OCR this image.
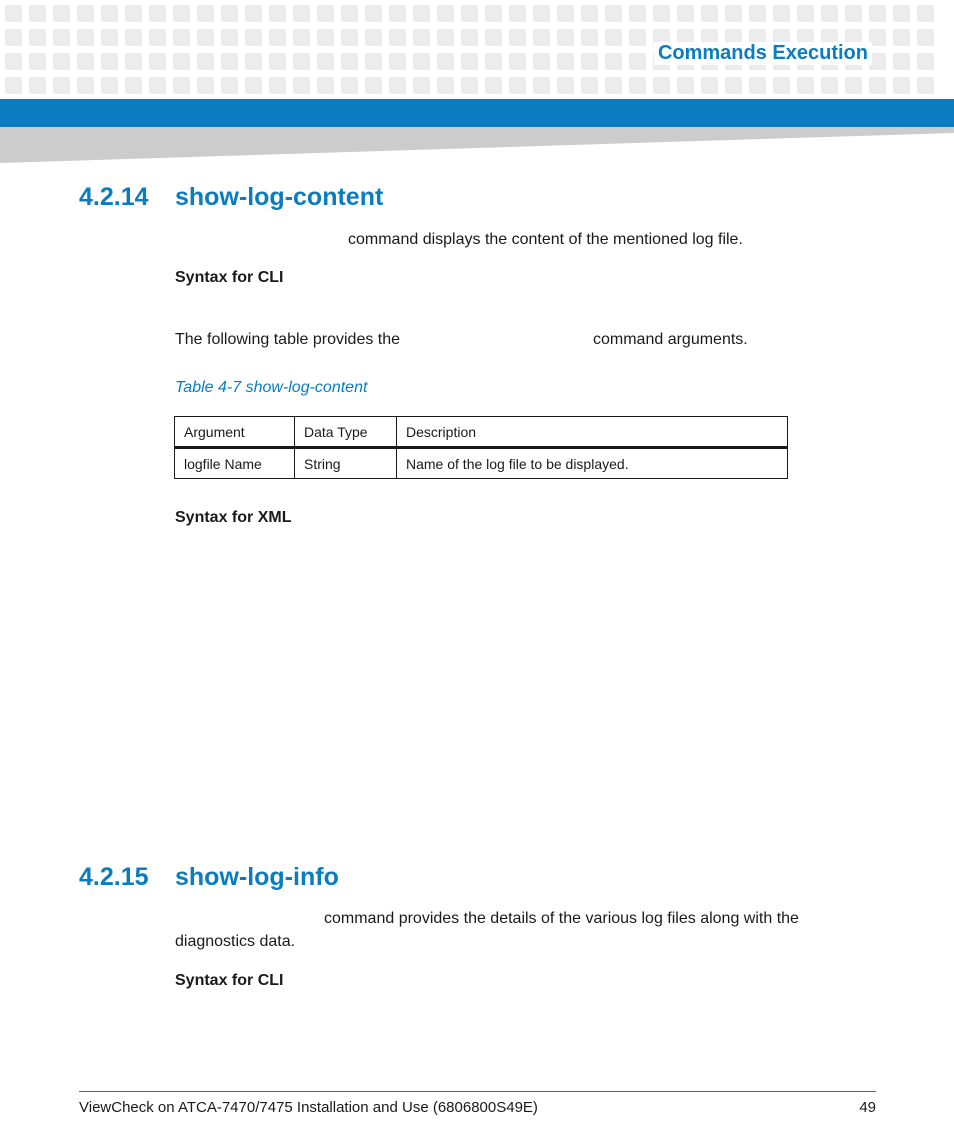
Commands Execution
4.2.14 show-log-content

command displays the content of the mentioned log file.

Syntax for CLI

The following table provides the	command arguments.

Table 4-7 show-log-content

Argument	Data Type	Description
logfile Name	String	Name of the log file to be displayed.

Syntax for XML

4.2.15 show-log-info

command provides the details of the various log files along with the

diagnostics data.

Syntax for CLI

ViewCheck on ATCA-7470/7475 Installation and Use (6806800S49E)	49
